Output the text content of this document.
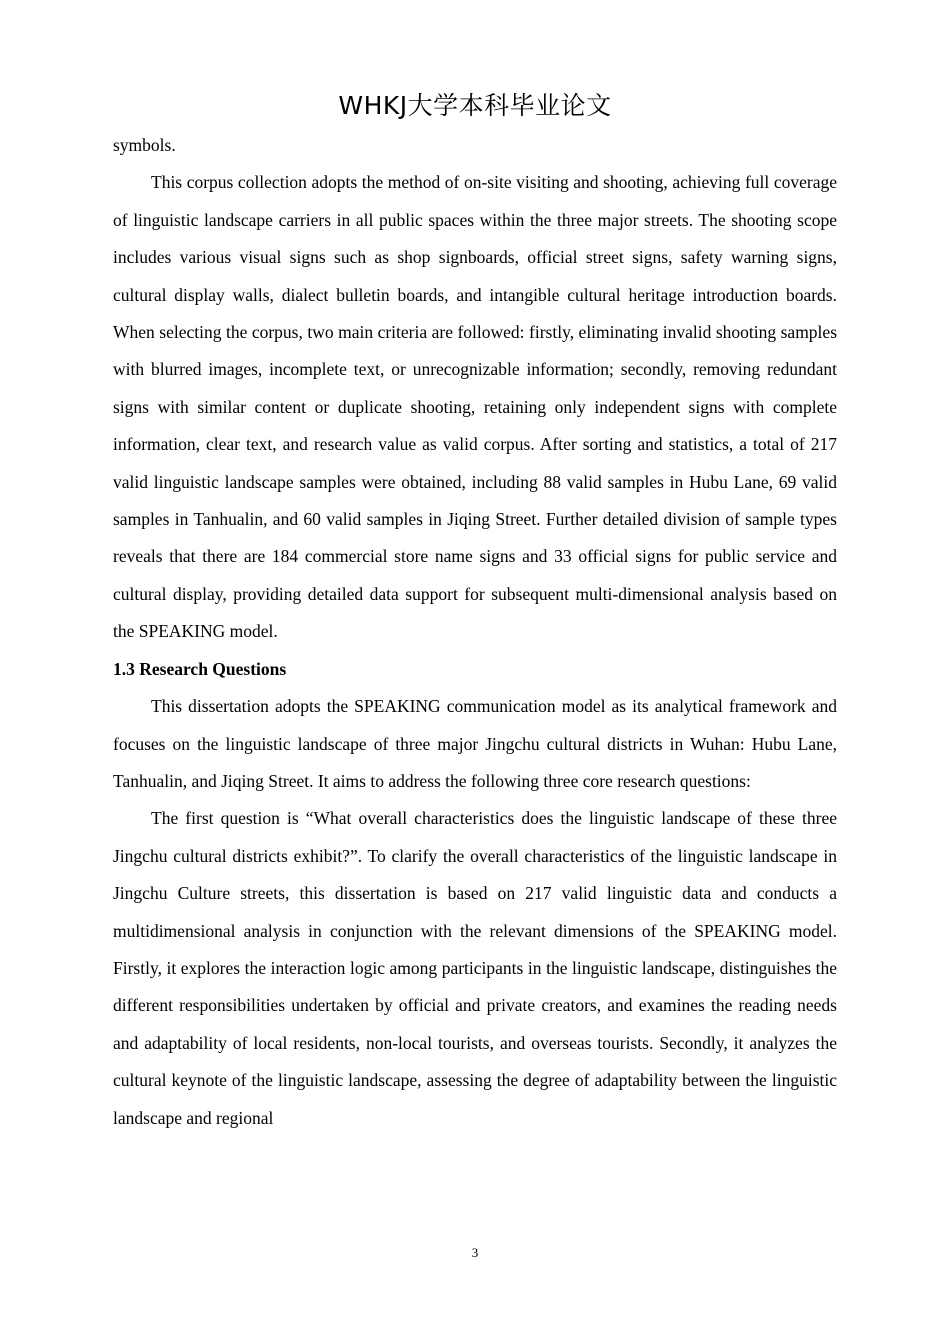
WHKJ大学本科毕业论文

symbols.

This corpus collection adopts the method of on-site visiting and shooting, achieving full coverage of linguistic landscape carriers in all public spaces within the three major streets. The shooting scope includes various visual signs such as shop signboards, official street signs, safety warning signs, cultural display walls, dialect bulletin boards, and intangible cultural heritage introduction boards. When selecting the corpus, two main criteria are followed: firstly, eliminating invalid shooting samples with blurred images, incomplete text, or unrecognizable information; secondly, removing redundant signs with similar content or duplicate shooting, retaining only independent signs with complete information, clear text, and research value as valid corpus. After sorting and statistics, a total of 217 valid linguistic landscape samples were obtained, including 88 valid samples in Hubu Lane, 69 valid samples in Tanhualin, and 60 valid samples in Jiqing Street. Further detailed division of sample types reveals that there are 184 commercial store name signs and 33 official signs for public service and cultural display, providing detailed data support for subsequent multi-dimensional analysis based on the SPEAKING model.

1.3 Research Questions

This dissertation adopts the SPEAKING communication model as its analytical framework and focuses on the linguistic landscape of three major Jingchu cultural districts in Wuhan: Hubu Lane, Tanhualin, and Jiqing Street. It aims to address the following three core research questions:

The first question is “What overall characteristics does the linguistic landscape of these three Jingchu cultural districts exhibit?”. To clarify the overall characteristics of the linguistic landscape in Jingchu Culture streets, this dissertation is based on 217 valid linguistic data and conducts a multidimensional analysis in conjunction with the relevant dimensions of the SPEAKING model. Firstly, it explores the interaction logic among participants in the linguistic landscape, distinguishes the different responsibilities undertaken by official and private creators, and examines the reading needs and adaptability of local residents, non-local tourists, and overseas tourists. Secondly, it analyzes the cultural keynote of the linguistic landscape, assessing the degree of adaptability between the linguistic landscape and regional

3
